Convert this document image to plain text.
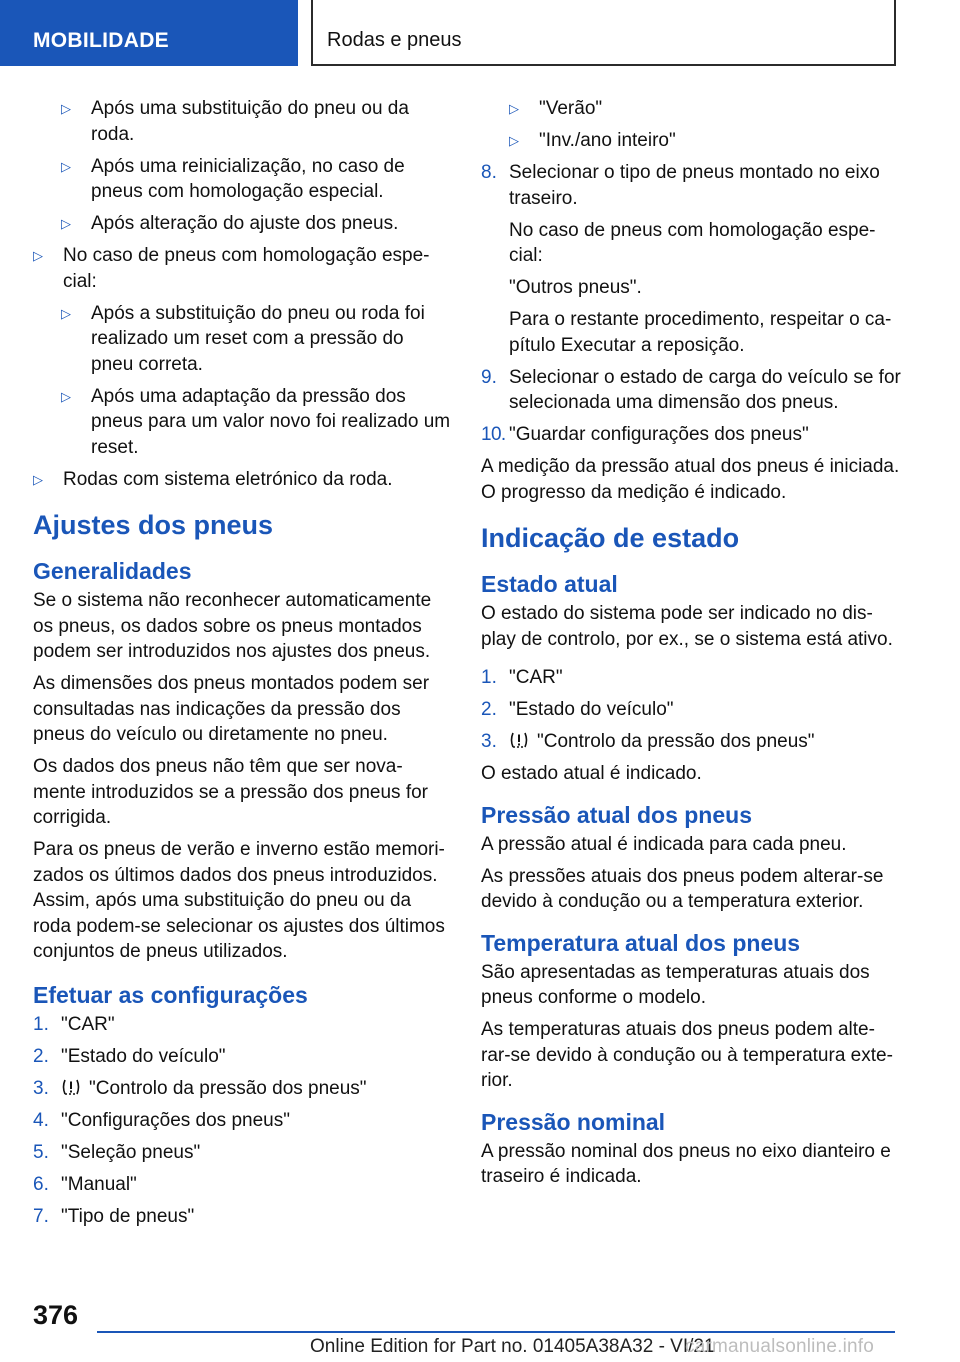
MOBILIDADE	Rodas e pneus
▷ Após uma substituição do pneu ou da roda.
▷ Após uma reinicialização, no caso de pneus com homologação especial.
▷ Após alteração do ajuste dos pneus.
▷ No caso de pneus com homologação espe‐cial:
▷ Após a substituição do pneu ou roda foi realizado um reset com a pressão do pneu correta.
▷ Após uma adaptação da pressão dos pneus para um valor novo foi realizado um reset.
▷ Rodas com sistema eletrónico da roda.
Ajustes dos pneus
Generalidades

Se o sistema não reconhecer automaticamente os pneus, os dados sobre os pneus montados podem ser introduzidos nos ajustes dos pneus.

As dimensões dos pneus montados podem ser consultadas nas indicações da pressão dos pneus do veículo ou diretamente no pneu.

Os dados dos pneus não têm que ser nova‐mente introduzidos se a pressão dos pneus for corrigida.

Para os pneus de verão e inverno estão memori‐zados os últimos dados dos pneus introduzidos. Assim, após uma substituição do pneu ou da roda podem-se selecionar os ajustes dos últimos conjuntos de pneus utilizados.

Efetuar as configurações
1. "CAR"
2. "Estado do veículo"
3. "Controlo da pressão dos pneus"
4. "Configurações dos pneus"
5. "Seleção pneus"
6. "Manual"
7. "Tipo de pneus"
▷ "Verão"
▷ "Inv./ano inteiro"
8. Selecionar o tipo de pneus montado no eixo traseiro.

No caso de pneus com homologação espe‐cial:

"Outros pneus".

Para o restante procedimento, respeitar o ca‐pítulo Executar a reposição.

9. Selecionar o estado de carga do veículo se for selecionada uma dimensão dos pneus.
10. "Guardar configurações dos pneus"

A medição da pressão atual dos pneus é iniciada. O progresso da medição é indicado.

Indicação de estado
Estado atual

O estado do sistema pode ser indicado no dis‐play de controlo, por ex., se o sistema está ativo.

1. "CAR"
2. "Estado do veículo"
3. "Controlo da pressão dos pneus"

O estado atual é indicado.

Pressão atual dos pneus

A pressão atual é indicada para cada pneu.

As pressões atuais dos pneus podem alterar-se devido à condução ou a temperatura exterior.

Temperatura atual dos pneus

São apresentadas as temperaturas atuais dos pneus conforme o modelo.

As temperaturas atuais dos pneus podem alte‐rar-se devido à condução ou à temperatura exte‐rior.

Pressão nominal

A pressão nominal dos pneus no eixo dianteiro e traseiro é indicada.

376
Online Edition for Part no. 01405A38A32 - VI/21
carmanualsonline.info
